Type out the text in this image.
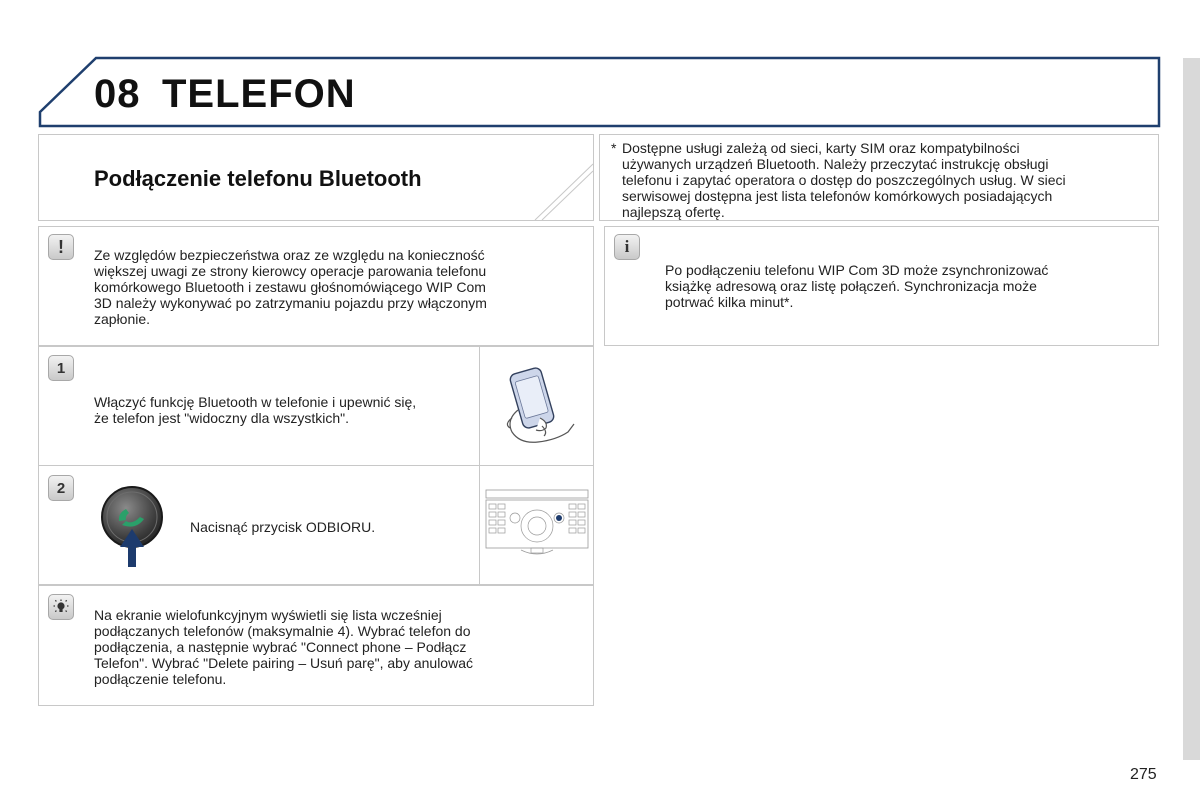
08 TELEFON
Podłączenie telefonu Bluetooth
* Dostępne usługi zależą od sieci, karty SIM oraz kompatybilności
używanych urządzeń Bluetooth. Należy przeczytać instrukcję obsługi
telefonu i zapytać operatora o dostęp do poszczególnych usług. W sieci
serwisowej dostępna jest lista telefonów komórkowych posiadających
najlepszą ofertę.
! Ze względów bezpieczeństwa oraz ze względu na konieczność
większej uwagi ze strony kierowcy operacje parowania telefonu
komórkowego Bluetooth i zestawu głośnomówiącego WIP Com
3D należy wykonywać po zatrzymaniu pojazdu przy włączonym
zapłonie.
i
Po podłączeniu telefonu WIP Com 3D może zsynchronizować
książkę adresową oraz listę połączeń. Synchronizacja może
potrwać kilka minut*.
1
Włączyć funkcję Bluetooth w telefonie i upewnić się,
że telefon jest "widoczny dla wszystkich".
2
Nacisnąć przycisk ODBIORU.
Na ekranie wielofunkcyjnym wyświetli się lista wcześniej
podłączanych telefonów (maksymalnie 4). Wybrać telefon do
podłączenia, a następnie wybrać "Connect phone – Podłącz
Telefon". Wybrać "Delete pairing – Usuń parę", aby anulować
podłączenie telefonu.
275
